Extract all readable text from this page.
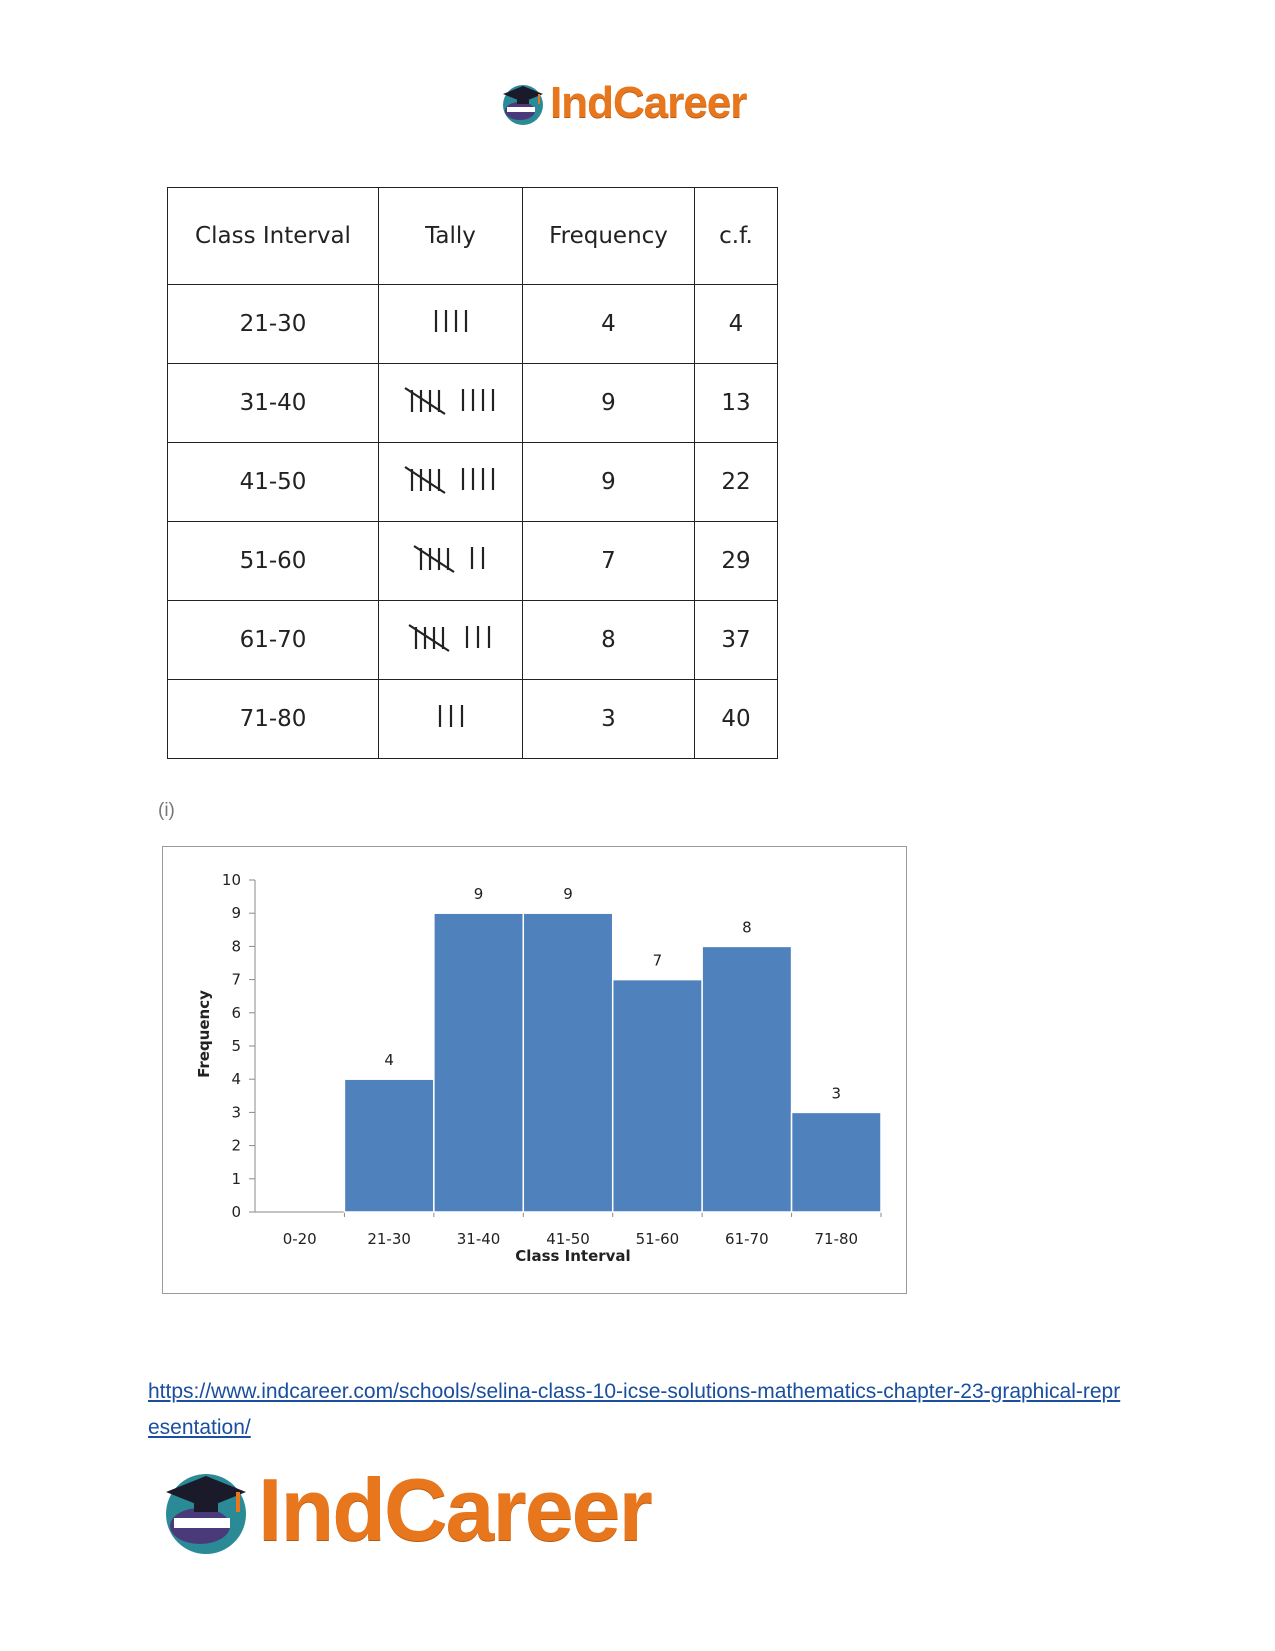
IndCareer
Class Interval	Tally	Frequency	c.f.
21-30		4	4
31-40		9	13
41-50		9	22
51-60		7	29
61-70		8	37
71-80		3	40
(i)
0
1
2
3
4
5
6
7
8
9
10
0-20	21-30
4
31-40
9
41-50
9
51-60
7
61-70
8
71-80
3
Frequency
Class Interval
https://www.indcareer.com/schools/selina-class-10-icse-solutions-mathematics-chapter-23-graphical-representation/
IndCareer
